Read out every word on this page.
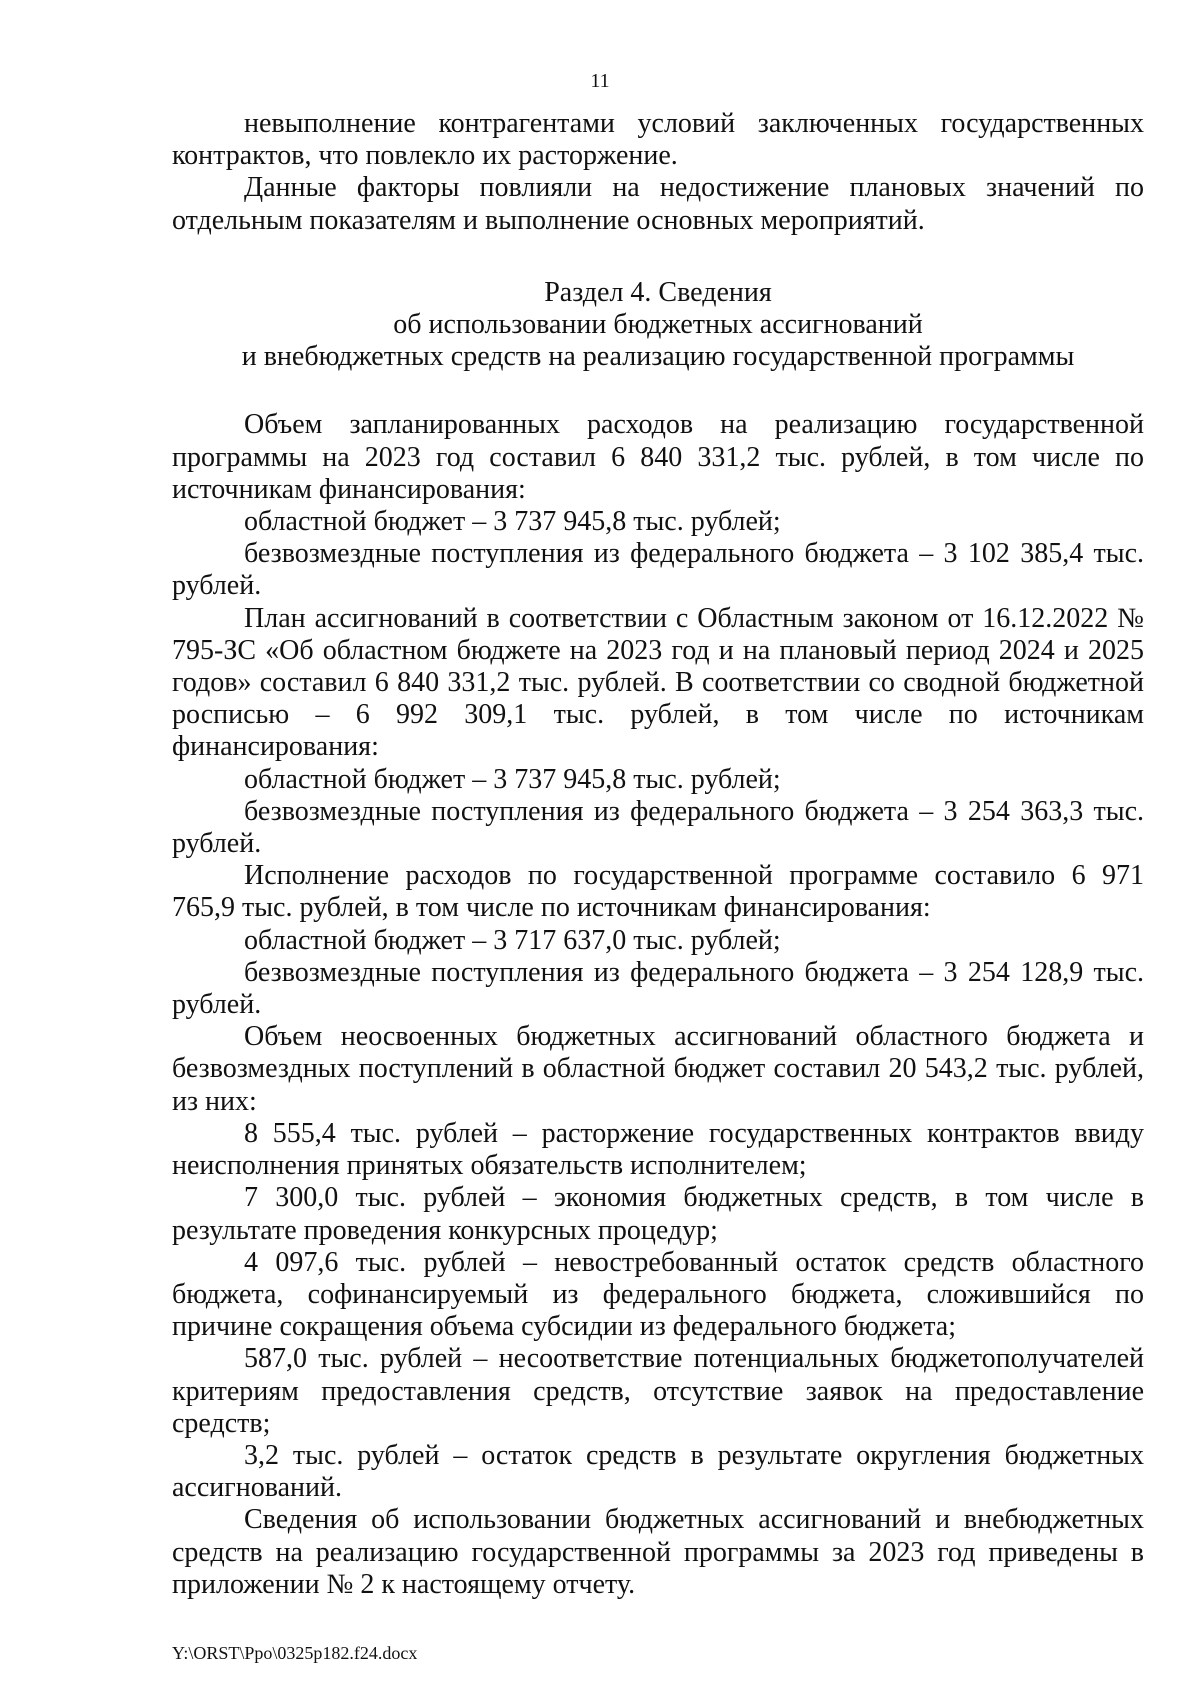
11

невыполнение контрагентами условий заключенных государственных контрактов, что повлекло их расторжение.

Данные факторы повлияли на недостижение плановых значений по отдельным показателям и выполнение основных мероприятий.

Раздел 4. Сведения
об использовании бюджетных ассигнований
и внебюджетных средств на реализацию государственной программы

Объем запланированных расходов на реализацию государственной программы на 2023 год составил 6 840 331,2 тыс. рублей, в том числе по источникам финансирования:

областной бюджет – 3 737 945,8 тыс. рублей;

безвозмездные поступления из федерального бюджета – 3 102 385,4 тыс. рублей.

План ассигнований в соответствии с Областным законом от 16.12.2022 № 795-ЗС «Об областном бюджете на 2023 год и на плановый период 2024 и 2025 годов» составил 6 840 331,2 тыс. рублей. В соответствии со сводной бюджетной росписью – 6 992 309,1 тыс. рублей, в том числе по источникам финансирования:

областной бюджет – 3 737 945,8 тыс. рублей;

безвозмездные поступления из федерального бюджета – 3 254 363,3 тыс. рублей.

Исполнение расходов по государственной программе составило 6 971 765,9 тыс. рублей, в том числе по источникам финансирования:

областной бюджет – 3 717 637,0 тыс. рублей;

безвозмездные поступления из федерального бюджета – 3 254 128,9 тыс. рублей.

Объем неосвоенных бюджетных ассигнований областного бюджета и безвозмездных поступлений в областной бюджет составил 20 543,2 тыс. рублей, из них:

8 555,4 тыс. рублей – расторжение государственных контрактов ввиду неисполнения принятых обязательств исполнителем;

7 300,0 тыс. рублей – экономия бюджетных средств, в том числе в результате проведения конкурсных процедур;

4 097,6 тыс. рублей – невостребованный остаток средств областного бюджета, софинансируемый из федерального бюджета, сложившийся по причине сокращения объема субсидии из федерального бюджета;

587,0 тыс. рублей – несоответствие потенциальных бюджетополучателей критериям предоставления средств, отсутствие заявок на предоставление средств;

3,2 тыс. рублей – остаток средств в результате округления бюджетных ассигнований.

Сведения об использовании бюджетных ассигнований и внебюджетных средств на реализацию государственной программы за 2023 год приведены в приложении № 2 к настоящему отчету.

Y:\ORST\Ppo\0325p182.f24.docx
